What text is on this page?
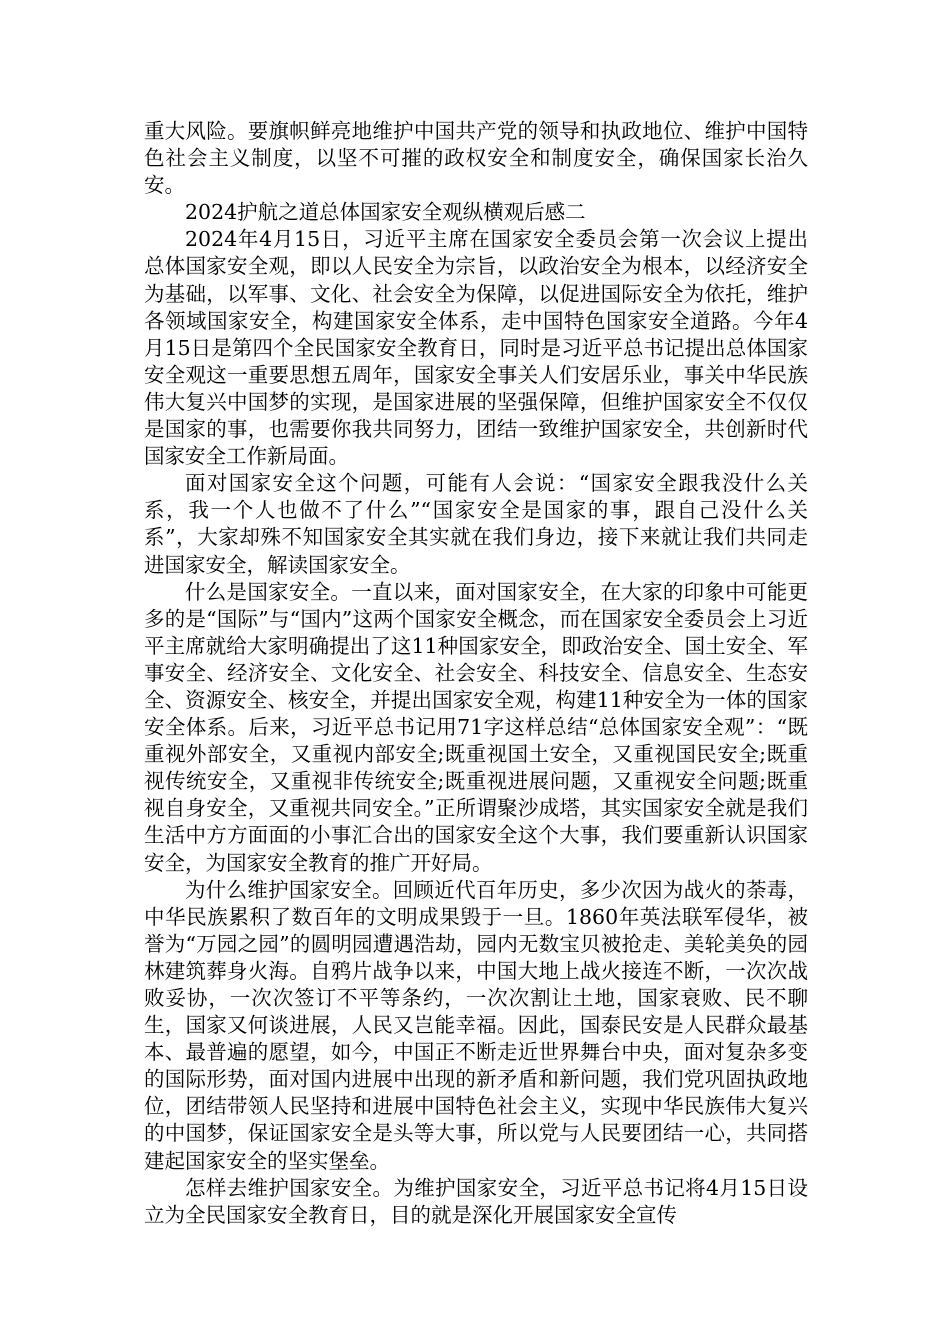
重大风险。要旗帜鲜亮地维护中国共产党的领导和执政地位、维护中国特色社会主义制度，以坚不可摧的政权安全和制度安全，确保国家长治久安。

2024护航之道总体国家安全观纵横观后感二

2024年4月15日，习近平主席在国家安全委员会第一次会议上提出总体国家安全观，即以人民安全为宗旨，以政治安全为根本，以经济安全为基础，以军事、文化、社会安全为保障，以促进国际安全为依托，维护各领域国家安全，构建国家安全体系，走中国特色国家安全道路。今年4月15日是第四个全民国家安全教育日，同时是习近平总书记提出总体国家安全观这一重要思想五周年，国家安全事关人们安居乐业，事关中华民族伟大复兴中国梦的实现，是国家进展的坚强保障，但维护国家安全不仅仅是国家的事，也需要你我共同努力，团结一致维护国家安全，共创新时代国家安全工作新局面。

面对国家安全这个问题，可能有人会说：“国家安全跟我没什么关系，我一个人也做不了什么”“国家安全是国家的事，跟自己没什么关系”，大家却殊不知国家安全其实就在我们身边，接下来就让我们共同走进国家安全，解读国家安全。

什么是国家安全。一直以来，面对国家安全，在大家的印象中可能更多的是“国际”与“国内”这两个国家安全概念，而在国家安全委员会上习近平主席就给大家明确提出了这11种国家安全，即政治安全、国土安全、军事安全、经济安全、文化安全、社会安全、科技安全、信息安全、生态安全、资源安全、核安全，并提出国家安全观，构建11种安全为一体的国家安全体系。后来，习近平总书记用71字这样总结“总体国家安全观”：“既重视外部安全，又重视内部安全;既重视国土安全，又重视国民安全;既重视传统安全，又重视非传统安全;既重视进展问题，又重视安全问题;既重视自身安全，又重视共同安全。”正所谓聚沙成塔，其实国家安全就是我们生活中方方面面的小事汇合出的国家安全这个大事，我们要重新认识国家安全，为国家安全教育的推广开好局。

为什么维护国家安全。回顾近代百年历史，多少次因为战火的荼毒，中华民族累积了数百年的文明成果毁于一旦。1860年英法联军侵华，被誉为“万园之园”的圆明园遭遇浩劫，园内无数宝贝被抢走、美轮美奂的园林建筑葬身火海。自鸦片战争以来，中国大地上战火接连不断，一次次战败妥协，一次次签订不平等条约，一次次割让土地，国家衰败、民不聊生，国家又何谈进展，人民又岂能幸福。因此，国泰民安是人民群众最基本、最普遍的愿望，如今，中国正不断走近世界舞台中央，面对复杂多变的国际形势，面对国内进展中出现的新矛盾和新问题，我们党巩固执政地位，团结带领人民坚持和进展中国特色社会主义，实现中华民族伟大复兴的中国梦，保证国家安全是头等大事，所以党与人民要团结一心，共同搭建起国家安全的坚实堡垒。

怎样去维护国家安全。为维护国家安全，习近平总书记将4月15日设立为全民国家安全教育日，目的就是深化开展国家安全宣传
